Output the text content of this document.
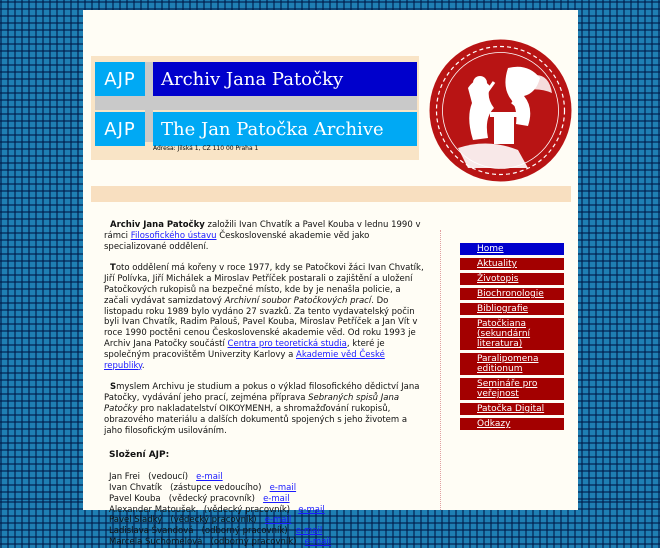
AJP	Archiv Jana Patočky
AJP	The Jan Patočka Archive
Adresa: Jilská 1, CZ 110 00 Praha 1

Archiv Jana Patočky založili Ivan Chvatík a Pavel Kouba v lednu 1990 v rámci Filosofického ústavu Československé akademie věd jako specializované oddělení.

Toto oddělení má kořeny v roce 1977, kdy se Patočkovi žáci Ivan Chvatík, Jiří Polívka, Jiří Michálek a Miroslav Petříček postarali o zajištění a uložení Patočkových rukopisů na bezpečné místo, kde by je nenašla policie, a začali vydávat samizdatový Archivní soubor Patočkových prací. Do listopadu roku 1989 bylo vydáno 27 svazků. Za tento vydavatelský počin byli Ivan Chvatík, Radim Palouš, Pavel Kouba, Miroslav Petříček a Jan Vít v roce 1990 poctěni cenou Československé akademie věd. Od roku 1993 je Archiv Jana Patočky součástí Centra pro teoretická studia, které je společným pracovištěm Univerzity Karlovy a Akademie věd České republiky.

Smyslem Archivu je studium a pokus o výklad filosofického dědictví Jana Patočky, vydávání jeho prací, zejména příprava Sebraných spisů Jana Patočky pro nakladatelství OIKOYMENH, a shromažďování rukopisů, obrazového materiálu a dalších dokumentů spojených s jeho životem a jaho filosofickým usilováním.

Složení AJP:
Jan Frei (vedoucí) e-mail
Ivan Chvatík (zástupce vedoucího) e-mail
Pavel Kouba (vědecký pracovník) e-mail
Alexander Matoušek (vědecký pracovník) e-mail
Pavel Sladký (vědecký pracovník) e-mail
Ladislava Švandová (odborný pracovník) e-mail
Marcela Suchomelová (odborný pracovník) e-mail
Home
Aktuality
Životopis
Biochronologie
Bibliografie
Patočkiana (sekundární literatura)
Paralipomena editionum
Semináře pro veřejnost
Patočka Digital
Odkazy
